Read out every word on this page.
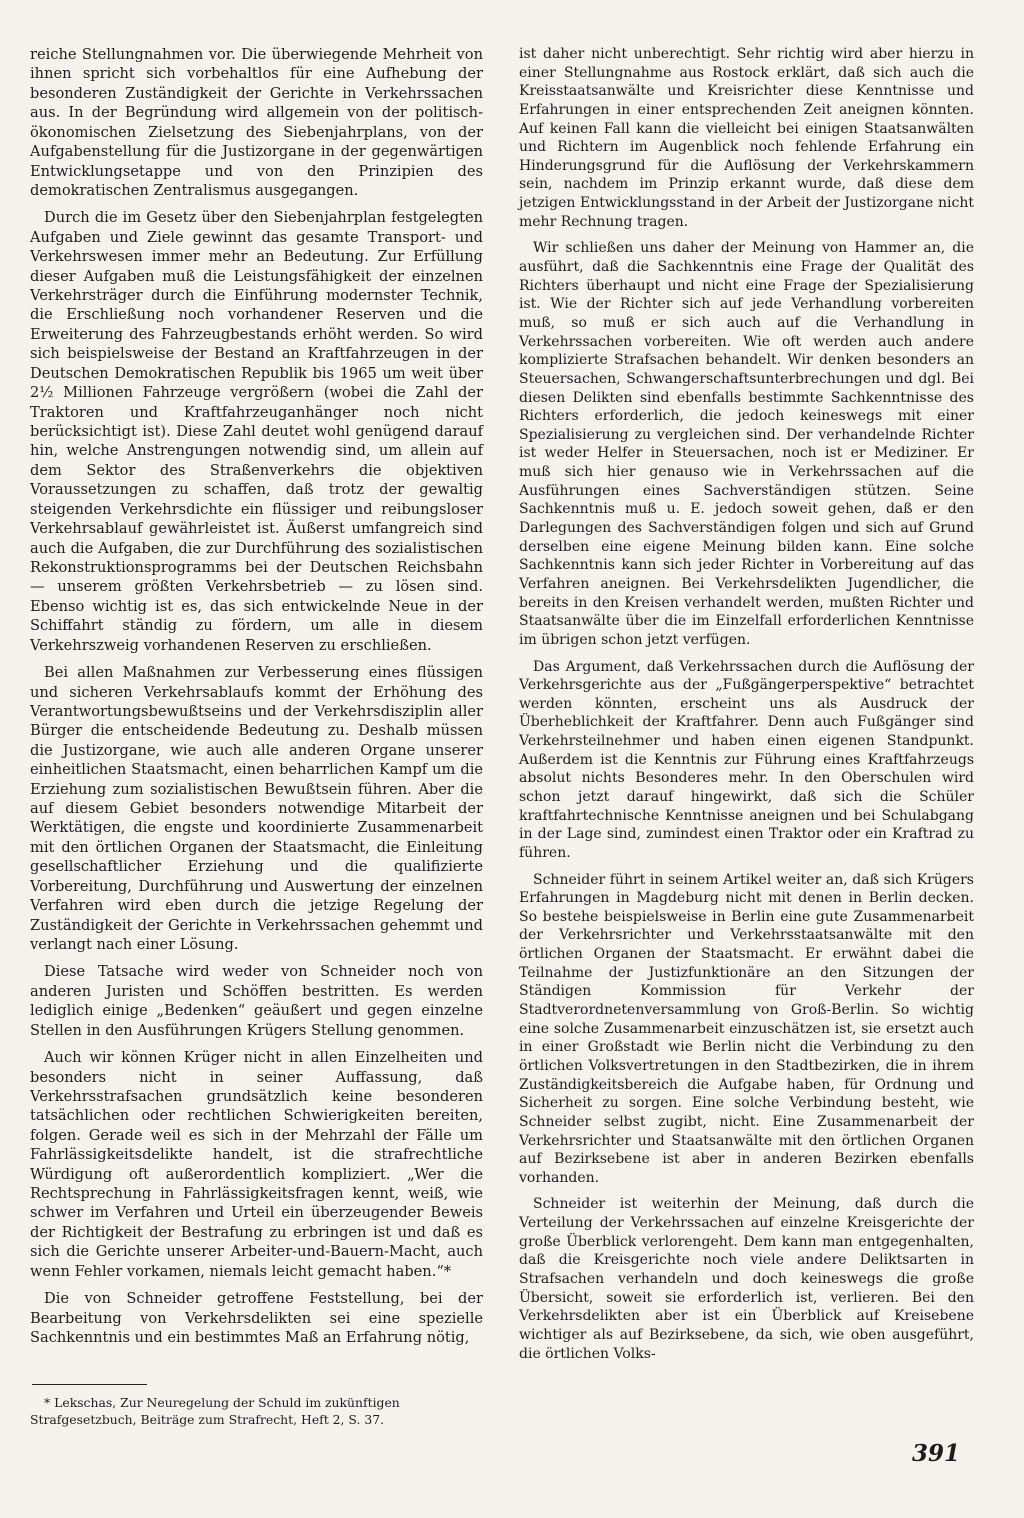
reiche Stellungnahmen vor. Die überwiegende Mehrheit von ihnen spricht sich vorbehaltlos für eine Aufhebung der besonderen Zuständigkeit der Gerichte in Verkehrssachen aus. In der Begründung wird allgemein von der politisch-ökonomischen Zielsetzung des Siebenjahrplans, von der Aufgabenstellung für die Justizorgane in der gegenwärtigen Entwicklungsetappe und von den Prinzipien des demokratischen Zentralismus ausgegangen.

Durch die im Gesetz über den Siebenjahrplan festgelegten Aufgaben und Ziele gewinnt das gesamte Transport- und Verkehrswesen immer mehr an Bedeutung. Zur Erfüllung dieser Aufgaben muß die Leistungsfähigkeit der einzelnen Verkehrsträger durch die Einführung modernster Technik, die Erschließung noch vorhandener Reserven und die Erweiterung des Fahrzeugbestands erhöht werden. So wird sich beispielsweise der Bestand an Kraftfahrzeugen in der Deutschen Demokratischen Republik bis 1965 um weit über 2½ Millionen Fahrzeuge vergrößern (wobei die Zahl der Traktoren und Kraftfahrzeuganhänger noch nicht berücksichtigt ist). Diese Zahl deutet wohl genügend darauf hin, welche Anstrengungen notwendig sind, um allein auf dem Sektor des Straßenverkehrs die objektiven Voraussetzungen zu schaffen, daß trotz der gewaltig steigenden Verkehrsdichte ein flüssiger und reibungsloser Verkehrsablauf gewährleistet ist. Äußerst umfangreich sind auch die Aufgaben, die zur Durchführung des sozialistischen Rekonstruktionsprogramms bei der Deutschen Reichsbahn — unserem größten Verkehrsbetrieb — zu lösen sind. Ebenso wichtig ist es, das sich entwickelnde Neue in der Schiffahrt ständig zu fördern, um alle in diesem Verkehrszweig vorhandenen Reserven zu erschließen.

Bei allen Maßnahmen zur Verbesserung eines flüssigen und sicheren Verkehrsablaufs kommt der Erhöhung des Verantwortungsbewußtseins und der Verkehrsdisziplin aller Bürger die entscheidende Bedeutung zu. Deshalb müssen die Justizorgane, wie auch alle anderen Organe unserer einheitlichen Staatsmacht, einen beharrlichen Kampf um die Erziehung zum sozialistischen Bewußtsein führen. Aber die auf diesem Gebiet besonders notwendige Mitarbeit der Werktätigen, die engste und koordinierte Zusammenarbeit mit den örtlichen Organen der Staatsmacht, die Einleitung gesellschaftlicher Erziehung und die qualifizierte Vorbereitung, Durchführung und Auswertung der einzelnen Verfahren wird eben durch die jetzige Regelung der Zuständigkeit der Gerichte in Verkehrssachen gehemmt und verlangt nach einer Lösung.

Diese Tatsache wird weder von Schneider noch von anderen Juristen und Schöffen bestritten. Es werden lediglich einige „Bedenken“ geäußert und gegen einzelne Stellen in den Ausführungen Krügers Stellung genommen.

Auch wir können Krüger nicht in allen Einzelheiten und besonders nicht in seiner Auffassung, daß Verkehrsstrafsachen grundsätzlich keine besonderen tatsächlichen oder rechtlichen Schwierigkeiten bereiten, folgen. Gerade weil es sich in der Mehrzahl der Fälle um Fahrlässigkeitsdelikte handelt, ist die strafrechtliche Würdigung oft außerordentlich kompliziert. „Wer die Rechtsprechung in Fahrlässigkeitsfragen kennt, weiß, wie schwer im Verfahren und Urteil ein überzeugender Beweis der Richtigkeit der Bestrafung zu erbringen ist und daß es sich die Gerichte unserer Arbeiter-und-Bauern-Macht, auch wenn Fehler vorkamen, niemals leicht gemacht haben.“*

Die von Schneider getroffene Feststellung, bei der Bearbeitung von Verkehrsdelikten sei eine spezielle Sachkenntnis und ein bestimmtes Maß an Erfahrung nötig,

ist daher nicht unberechtigt. Sehr richtig wird aber hierzu in einer Stellungnahme aus Rostock erklärt, daß sich auch die Kreisstaatsanwälte und Kreisrichter diese Kenntnisse und Erfahrungen in einer entsprechenden Zeit aneignen könnten. Auf keinen Fall kann die vielleicht bei einigen Staatsanwälten und Richtern im Augenblick noch fehlende Erfahrung ein Hinderungsgrund für die Auflösung der Verkehrskammern sein, nachdem im Prinzip erkannt wurde, daß diese dem jetzigen Entwicklungsstand in der Arbeit der Justizorgane nicht mehr Rechnung tragen.

Wir schließen uns daher der Meinung von Hammer an, die ausführt, daß die Sachkenntnis eine Frage der Qualität des Richters überhaupt und nicht eine Frage der Spezialisierung ist. Wie der Richter sich auf jede Verhandlung vorbereiten muß, so muß er sich auch auf die Verhandlung in Verkehrssachen vorbereiten. Wie oft werden auch andere komplizierte Strafsachen behandelt. Wir denken besonders an Steuersachen, Schwangerschaftsunterbrechungen und dgl. Bei diesen Delikten sind ebenfalls bestimmte Sachkenntnisse des Richters erforderlich, die jedoch keineswegs mit einer Spezialisierung zu vergleichen sind. Der verhandelnde Richter ist weder Helfer in Steuersachen, noch ist er Mediziner. Er muß sich hier genauso wie in Verkehrssachen auf die Ausführungen eines Sachverständigen stützen. Seine Sachkenntnis muß u. E. jedoch soweit gehen, daß er den Darlegungen des Sachverständigen folgen und sich auf Grund derselben eine eigene Meinung bilden kann. Eine solche Sachkenntnis kann sich jeder Richter in Vorbereitung auf das Verfahren aneignen. Bei Verkehrsdelikten Jugendlicher, die bereits in den Kreisen verhandelt werden, mußten Richter und Staatsanwälte über die im Einzelfall erforderlichen Kenntnisse im übrigen schon jetzt verfügen.

Das Argument, daß Verkehrssachen durch die Auflösung der Verkehrsgerichte aus der „Fußgängerperspektive“ betrachtet werden könnten, erscheint uns als Ausdruck der Überheblichkeit der Kraftfahrer. Denn auch Fußgänger sind Verkehrsteilnehmer und haben einen eigenen Standpunkt. Außerdem ist die Kenntnis zur Führung eines Kraftfahrzeugs absolut nichts Besonderes mehr. In den Oberschulen wird schon jetzt darauf hingewirkt, daß sich die Schüler kraftfahrtechnische Kenntnisse aneignen und bei Schulabgang in der Lage sind, zumindest einen Traktor oder ein Kraftrad zu führen.

Schneider führt in seinem Artikel weiter an, daß sich Krügers Erfahrungen in Magdeburg nicht mit denen in Berlin decken. So bestehe beispielsweise in Berlin eine gute Zusammenarbeit der Verkehrsrichter und Verkehrsstaatsanwälte mit den örtlichen Organen der Staatsmacht. Er erwähnt dabei die Teilnahme der Justizfunktionäre an den Sitzungen der Ständigen Kommission für Verkehr der Stadtverordnetenversammlung von Groß-Berlin. So wichtig eine solche Zusammenarbeit einzuschätzen ist, sie ersetzt auch in einer Großstadt wie Berlin nicht die Verbindung zu den örtlichen Volksvertretungen in den Stadtbezirken, die in ihrem Zuständigkeitsbereich die Aufgabe haben, für Ordnung und Sicherheit zu sorgen. Eine solche Verbindung besteht, wie Schneider selbst zugibt, nicht. Eine Zusammenarbeit der Verkehrsrichter und Staatsanwälte mit den örtlichen Organen auf Bezirksebene ist aber in anderen Bezirken ebenfalls vorhanden.

Schneider ist weiterhin der Meinung, daß durch die Verteilung der Verkehrssachen auf einzelne Kreisgerichte der große Überblick verlorengeht. Dem kann man entgegenhalten, daß die Kreisgerichte noch viele andere Deliktsarten in Strafsachen verhandeln und doch keineswegs die große Übersicht, soweit sie erforderlich ist, verlieren. Bei den Verkehrsdelikten aber ist ein Überblick auf Kreisebene wichtiger als auf Bezirksebene, da sich, wie oben ausgeführt, die örtlichen Volks-

* Lekschas, Zur Neuregelung der Schuld im zukünftigen
Strafgesetzbuch, Beiträge zum Strafrecht, Heft 2, S. 37.
391
